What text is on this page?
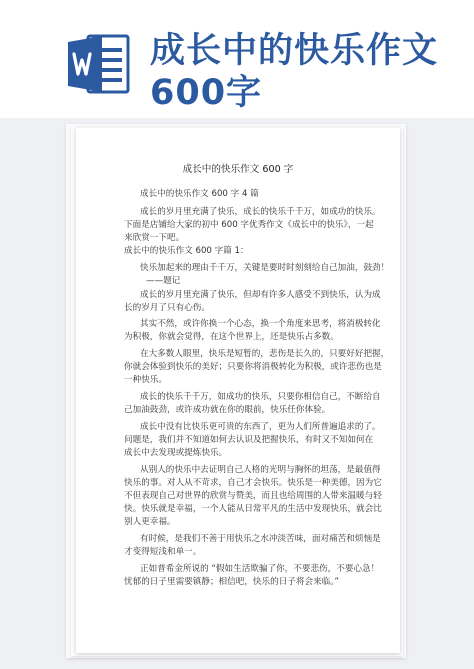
成长中的快乐作文
600字
成长中的快乐作文 600 字
成长中的快乐作文 600 字 4 篇
成长的岁月里充满了快乐，成长的快乐千千万，如成功的快乐。
下面是店铺给大家的初中 600 字优秀作文《成长中的快乐》，一起
来欣赏一下吧。
成长中的快乐作文 600 字篇 1：
快乐加起来的理由千千万，关键是要时时刻刻给自己加油，鼓劲！
——题记
成长的岁月里充满了快乐，但却有许多人感受不到快乐，认为成
长的岁月了只有心伤。
其实不然，或许你换一个心态，换一个角度来思考，将消极转化
为积极，你就会觉得，在这个世界上，还是快乐占多数。
在大多数人眼里，快乐是短暂的，悲伤是长久的，只要好好把握，
你就会体验到快乐的美好；只要你将消极转化为积极，或许悲伤也是
一种快乐。
成长的快乐千千万，如成功的快乐，只要你相信自己，不断给自
己加油鼓劲，或许成功就在你的眼前，快乐任你体验。
成长中没有比快乐更可贵的东西了，更为人们所普遍追求的了。
问题是，我们并不知道如何去认识及把握快乐，有时又不知如何在
成长中去发现或提炼快乐。
从别人的快乐中去证明自己人格的光明与胸怀的坦荡，是最值得
快乐的事。对人从不苛求，自己才会快乐。快乐是一种美德，因为它
不但表现自己对世界的欣赏与赞美，而且也给周围的人带来温暖与轻
快。快乐就是幸福，一个人能从日常平凡的生活中发现快乐，就会比
别人更幸福。
有时候，是我们不善于用快乐之水冲淡苦味，面对痛苦和烦恼是
才变得短浅和单一。
正如普希金所说的 “假如生活欺骗了你，不要悲伤，不要心急！
忧郁的日子里需要镇静；相信吧，快乐的日子将会来临。”
